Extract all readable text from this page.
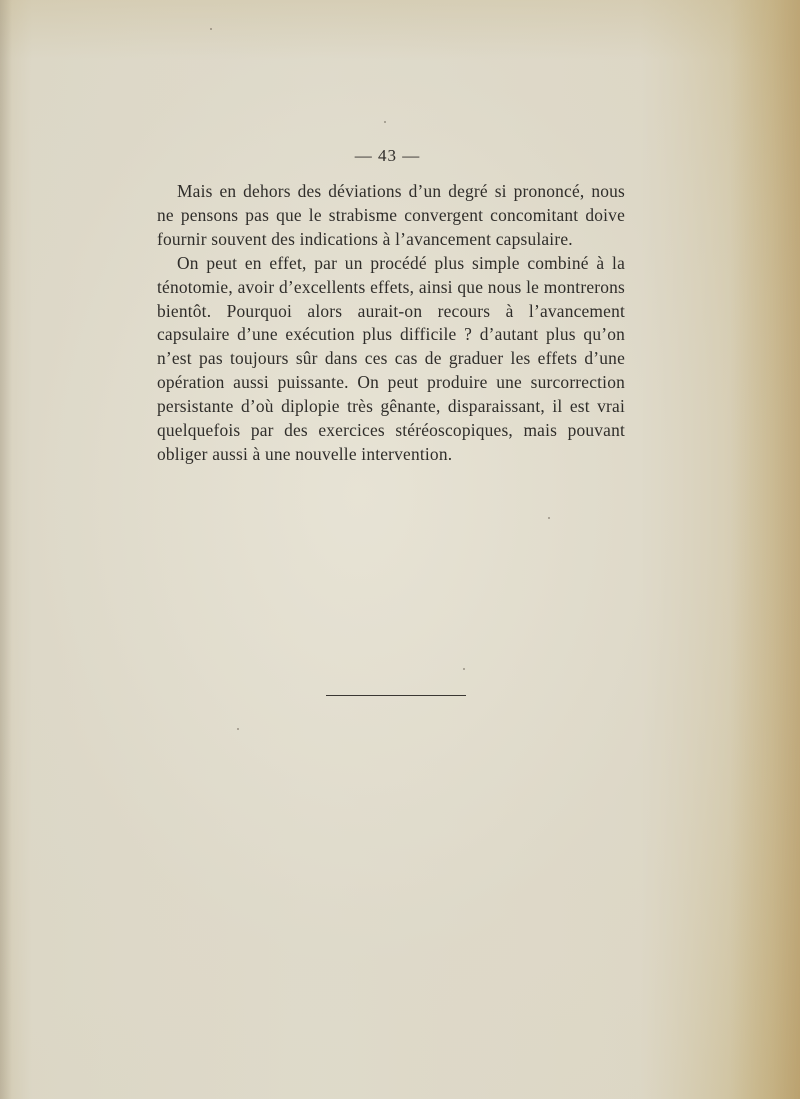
— 43 —

Mais en dehors des déviations d’un degré si prononcé, nous ne pensons pas que le strabisme convergent concomitant doive fournir souvent des indications à l’avancement capsulaire.

On peut en effet, par un procédé plus simple combiné à la ténotomie, avoir d’excellents effets, ainsi que nous le montrerons bientôt. Pourquoi alors aurait-on recours à l’avancement capsulaire d’une exécution plus difficile ? d’autant plus qu’on n’est pas toujours sûr dans ces cas de graduer les effets d’une opération aussi puissante. On peut produire une surcorrection persistante d’où diplopie très gênante, disparaissant, il est vrai quelquefois par des exercices stéréoscopiques, mais pouvant obliger aussi à une nouvelle intervention.
